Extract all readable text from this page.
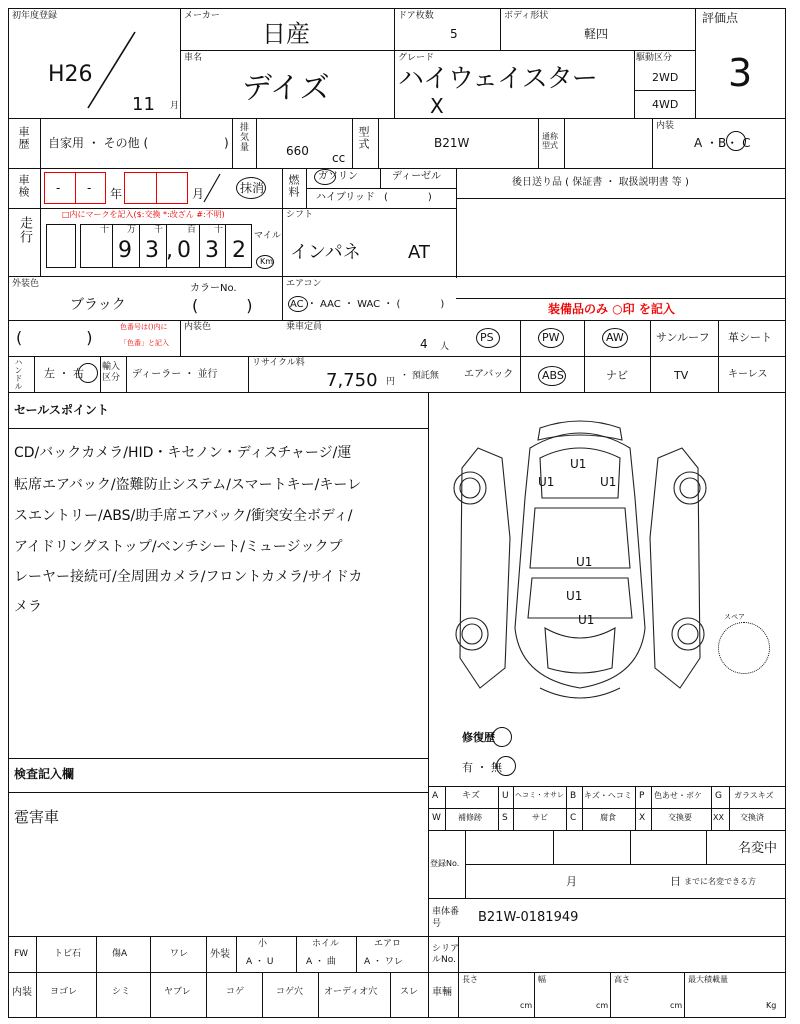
初年度登録
H26
11 月
メーカー
日産
ドア枚数
5
ボディ形状
軽四
評価点
3
車名
デイズ
グレード
ハイウェイスター
X
駆動区分
2WD
4WD
車歴 自家用 ・ その他 (	) 排気量	660 cc
型式	B21W	通称型式
内装
A ・B・ C
車検 - - 年	月	抹消 燃料 ガソリン	ディーゼル
ハイブリッド (　　　　)
後日送り品 ( 保証書 ・ 取扱説明書 等 )
走行
□内にマークを記入($:交換 *:改ざん #:不明)
十 万 千	百 十
9 3 , 0 3 2
マイル
Km
シフト
インパネ	AT
外装色
ブラック
カラーNo.
(　　　)
エアコン
AC ・ AAC ・ WAC ・ (　　　　)	装備品のみ ○印 を記入
(　　　　)
色番号は()内に
「色番」と記入
内装色	乗車定員
4 人
PS	PW	AW	サンルーフ 革シート
ハンドル 左 ・ 右 輸入区分	ディーラー ・ 並行
リサイクル料
7,750 円
・ 預託無	エアバック	ABS	ナビ	TV	キーレス
セールスポイント
CD/バックカメラ/HID・キセノン・ディスチャージ/運
転席エアバック/盗難防止システム/スマートキー/キーレ
スエントリー/ABS/助手席エアバック/衝突安全ボディ/
アイドリングストップ/ベンチシート/ミュージックプ
レーヤー接続可/全周囲カメラ/フロントカメラ/サイドカ
メラ
スペア
U1
U1	U1
U1
U1
U1
修復歴
有 ・ 無
検査記入欄
雹害車
A	キズ U ヘコミ・オサレ B キズ・ヘコミ P 色あせ・ボケ G ガラスキズ
W 補修跡 S	サビ C	腐食	X	交換要	XX 交換済
登録No.
名変中
月	日 までに名変できる方
車体番号	B21W-0181949
FW	トビ石	傷A	ワレ 外装
小
A ・ U
ホイル
A ・ 曲
エアロ
A ・ ワレ
シリアルNo.
内装 ヨゴレ	シミ	ヤブレ	コゲ	コゲ穴 オーディオ穴	スレ 車輛
長さ
cm
幅
cm
高さ
cm
最大積載量
Kg
